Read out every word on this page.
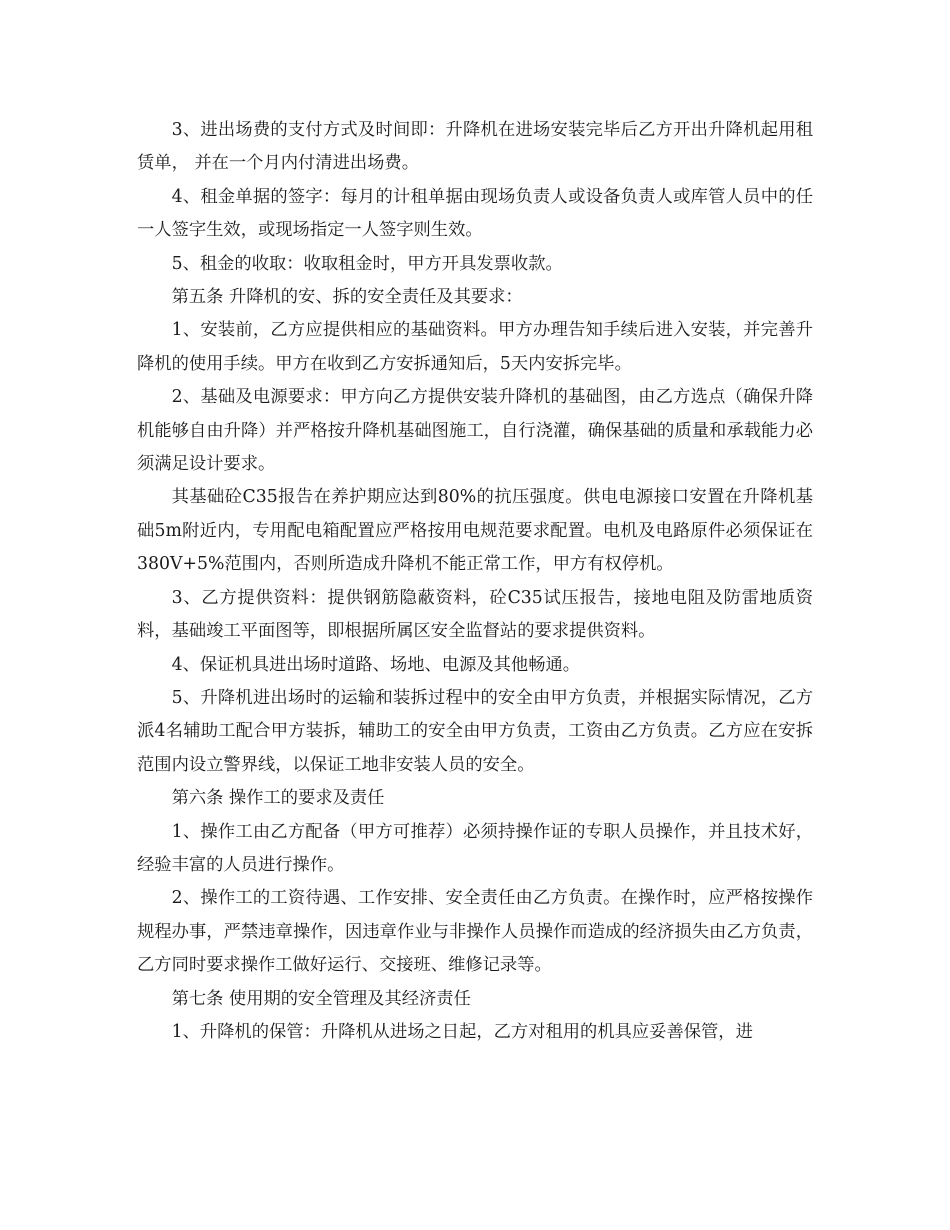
3、进出场费的支付方式及时间即：升降机在进场安装完毕后乙方开出升降机起用租赁单， 并在一个月内付清进出场费。

4、租金单据的签字：每月的计租单据由现场负责人或设备负责人或库管人员中的任一人签字生效，或现场指定一人签字则生效。

5、租金的收取：收取租金时，甲方开具发票收款。

第五条 升降机的安、拆的安全责任及其要求：

1、安装前，乙方应提供相应的基础资料。甲方办理告知手续后进入安装，并完善升降机的使用手续。甲方在收到乙方安拆通知后，5天内安拆完毕。

2、基础及电源要求：甲方向乙方提供安装升降机的基础图，由乙方选点（确保升降机能够自由升降）并严格按升降机基础图施工，自行浇灌，确保基础的质量和承载能力必须满足设计要求。

其基础砼C35报告在养护期应达到80%的抗压强度。供电电源接口安置在升降机基础5m附近内，专用配电箱配置应严格按用电规范要求配置。电机及电路原件必须保证在380V+5%范围内，否则所造成升降机不能正常工作，甲方有权停机。

3、乙方提供资料：提供钢筋隐蔽资料，砼C35试压报告，接地电阻及防雷地质资料，基础竣工平面图等，即根据所属区安全监督站的要求提供资料。

4、保证机具进出场时道路、场地、电源及其他畅通。

5、升降机进出场时的运输和装拆过程中的安全由甲方负责，并根据实际情况，乙方派4名辅助工配合甲方装拆，辅助工的安全由甲方负责，工资由乙方负责。乙方应在安拆范围内设立警界线，以保证工地非安装人员的安全。

第六条 操作工的要求及责任

1、操作工由乙方配备（甲方可推荐）必须持操作证的专职人员操作，并且技术好，经验丰富的人员进行操作。

2、操作工的工资待遇、工作安排、安全责任由乙方负责。在操作时，应严格按操作规程办事，严禁违章操作，因违章作业与非操作人员操作而造成的经济损失由乙方负责，乙方同时要求操作工做好运行、交接班、维修记录等。

第七条 使用期的安全管理及其经济责任

1、升降机的保管：升降机从进场之日起，乙方对租用的机具应妥善保管，进
